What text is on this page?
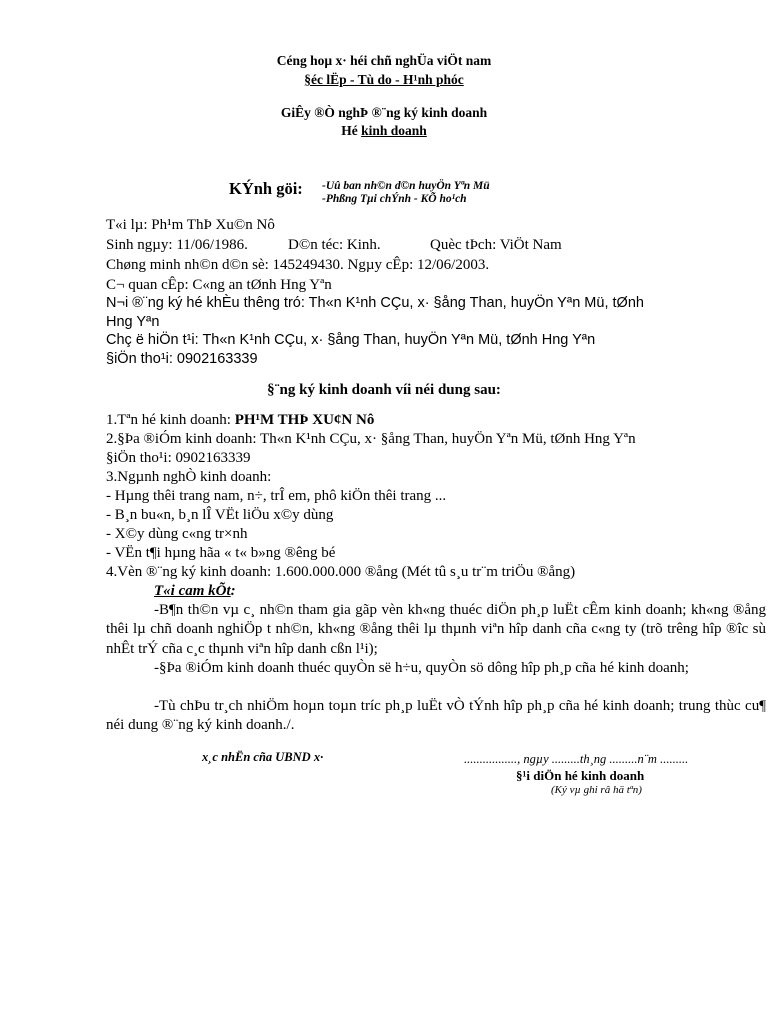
Céng hoµ x· héi chñ nghÜa viÖt nam
§éc lËp - Tù do - H¹nh phóc
GiÊy ®Ò nghÞ ®¨ng ký kinh doanh
Hé kinh doanh
KÝnh göi: -Uû ban nh©n d©n huyÖn Yªn Mü
-Phßng Tµi chÝnh - KÕ ho¹ch
T«i lµ: Ph¹m ThÞ Xu©n Nô
Sinh ngµy: 11/06/1986.	D©n téc: Kinh.	Quèc tÞch: ViÖt Nam
Chøng minh nh©n d©n sè: 145249430. Ngµy cÊp: 12/06/2003.
C¬ quan cÊp: C«ng an tØnh Hng Yªn
N¬i ®¨ng ký hé khÈu thêng tró: Th«n K¹nh CÇu, x· §ång Than, huyÖn Yªn Mü, tØnh
Hng Yªn
Chç ë hiÖn t¹i: Th«n K¹nh CÇu, x· §ång Than, huyÖn Yªn Mü, tØnh Hng Yªn
§iÖn tho¹i: 0902163339
§¨ng ký kinh doanh víi néi dung sau:
1.Tªn hé kinh doanh: PH¹M THÞ XU¢N Nô
2.§Þa ®iÓm kinh doanh: Th«n K¹nh CÇu, x· §ång Than, huyÖn Yªn Mü, tØnh Hng Yªn
§iÖn tho¹i: 0902163339
3.Ngµnh nghÒ kinh doanh:
- Hµng thêi trang nam, n÷, trÎ em, phô kiÖn thêi trang ...
- B¸n bu«n, b¸n lÎ VËt liÖu x©y dùng
- X©y dùng c«ng tr×nh
- VËn t¶i hµng hãa « t« b»ng ®êng bé
4.Vèn ®¨ng ký kinh doanh: 1.600.000.000 ®ång (Mét tû s¸u tr¨m triÖu ®ång)
T«i cam kÕt:
-B¶n th©n vµ c¸ nh©n tham gia gãp vèn kh«ng thuéc diÖn ph¸p luËt cÊm kinh doanh; kh«ng ®ång thêi lµ chñ doanh nghiÖp t nh©n, kh«ng ®ång thêi lµ thµnh viªn hîp danh cña c«ng ty (trõ trêng hîp ®îc sù nhÊt trÝ cña c¸c thµnh viªn hîp danh cßn l¹i);
-§Þa ®iÓm kinh doanh thuéc quyÒn së h÷u, quyÒn sö dông hîp ph¸p cña hé kinh doanh;
-Tù chÞu tr¸ch nhiÖm hoµn toµn tríc ph¸p luËt vÒ tÝnh hîp ph¸p cña hé kinh doanh; trung thùc cu¶ néi dung ®¨ng ký kinh doanh./.
x¸c nhËn cña UBND x·	................., ngµy .........th¸ng .........n¨m .........
§¹i diÖn hé kinh doanh
(Ký vµ ghi râ hä tªn)
